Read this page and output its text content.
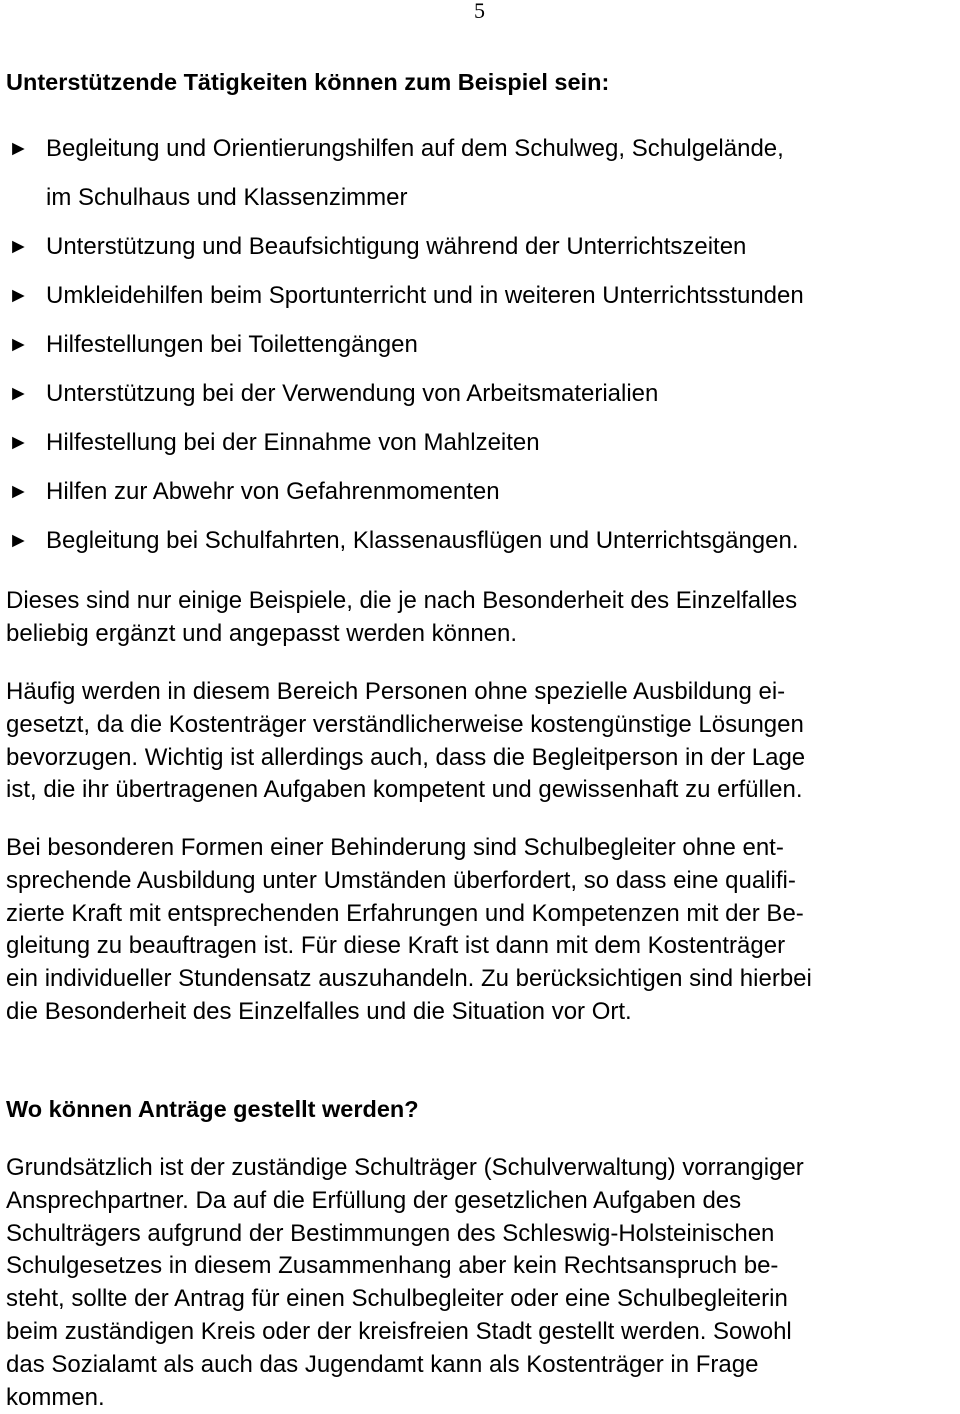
5
Unterstützende Tätigkeiten können zum Beispiel sein:
► Begleitung und Orientierungshilfen auf dem Schulweg, Schulgelände,
im Schulhaus und Klassenzimmer
► Unterstützung und Beaufsichtigung während der Unterrichtszeiten
► Umkleidehilfen beim Sportunterricht und in weiteren Unterrichtsstunden
► Hilfestellungen bei Toilettengängen
► Unterstützung bei der Verwendung von Arbeitsmaterialien
► Hilfestellung bei der Einnahme von Mahlzeiten
► Hilfen zur Abwehr von Gefahrenmomenten
► Begleitung bei Schulfahrten, Klassenausflügen und Unterrichtsgängen.

Dieses sind nur einige Beispiele, die je nach Besonderheit des Einzelfalles
beliebig ergänzt und angepasst werden können.

Häufig werden in diesem Bereich Personen ohne spezielle Ausbildung ei-
gesetzt, da die Kostenträger verständlicherweise kostengünstige Lösungen
bevorzugen. Wichtig ist allerdings auch, dass die Begleitperson in der Lage
ist, die ihr übertragenen Aufgaben kompetent und gewissenhaft zu erfüllen.

Bei besonderen Formen einer Behinderung sind Schulbegleiter ohne ent-
sprechende Ausbildung unter Umständen überfordert, so dass eine qualifi-
zierte Kraft mit entsprechenden Erfahrungen und Kompetenzen mit der Be-
gleitung zu beauftragen ist. Für diese Kraft ist dann mit dem Kostenträger
ein individueller Stundensatz auszuhandeln. Zu berücksichtigen sind hierbei
die Besonderheit des Einzelfalles und die Situation vor Ort.

Wo können Anträge gestellt werden?

Grundsätzlich ist der zuständige Schulträger (Schulverwaltung) vorrangiger
Ansprechpartner. Da auf die Erfüllung der gesetzlichen Aufgaben des
Schulträgers aufgrund der Bestimmungen des Schleswig-Holsteinischen
Schulgesetzes in diesem Zusammenhang aber kein Rechtsanspruch be-
steht, sollte der Antrag für einen Schulbegleiter oder eine Schulbegleiterin
beim zuständigen Kreis oder der kreisfreien Stadt gestellt werden. Sowohl
das Sozialamt als auch das Jugendamt kann als Kostenträger in Frage
kommen.
